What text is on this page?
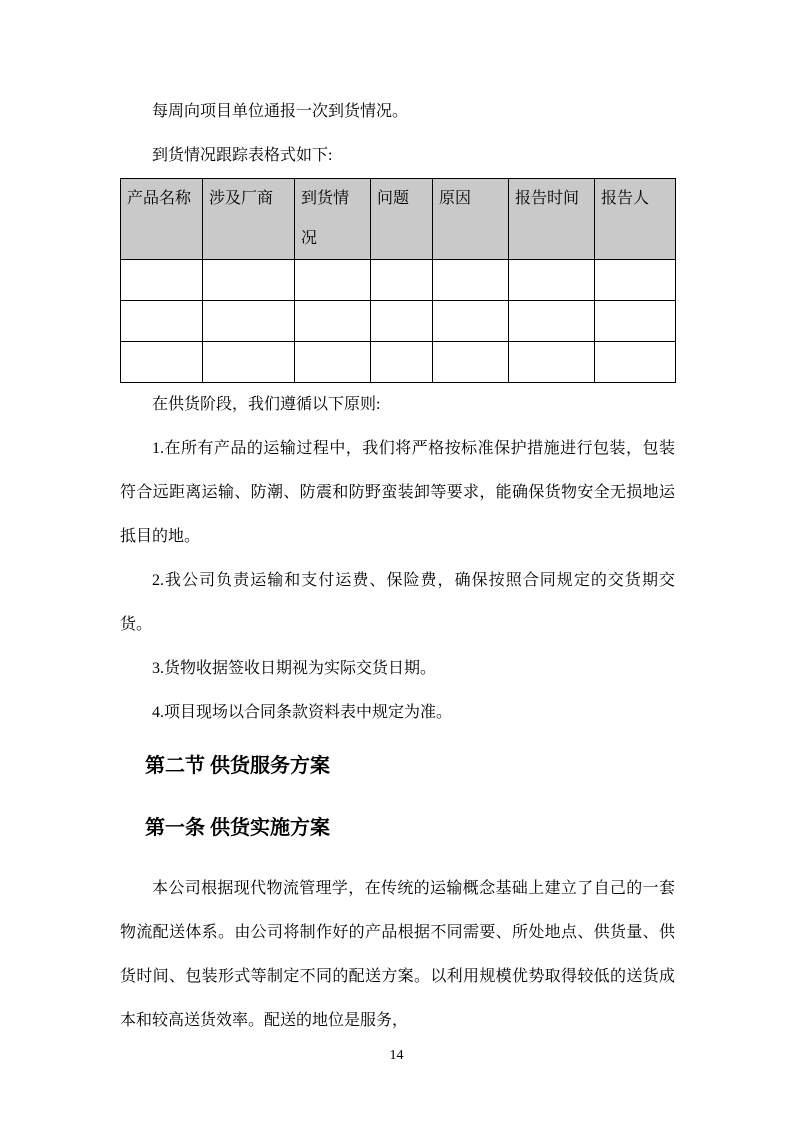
每周向项目单位通报一次到货情况。

到货情况跟踪表格式如下:

产品名称	涉及厂商	到货情况	问题	原因	报告时间	报告人

在供货阶段，我们遵循以下原则:

1.在所有产品的运输过程中，我们将严格按标准保护措施进行包装，包装符合远距离运输、防潮、防震和防野蛮装卸等要求，能确保货物安全无损地运抵目的地。

2.我公司负责运输和支付运费、保险费，确保按照合同规定的交货期交货。

3.货物收据签收日期视为实际交货日期。

4.项目现场以合同条款资料表中规定为准。

第二节 供货服务方案
第一条 供货实施方案

本公司根据现代物流管理学，在传统的运输概念基础上建立了自己的一套物流配送体系。由公司将制作好的产品根据不同需要、所处地点、供货量、供货时间、包装形式等制定不同的配送方案。以利用规模优势取得较低的送货成本和较高送货效率。配送的地位是服务，

14
